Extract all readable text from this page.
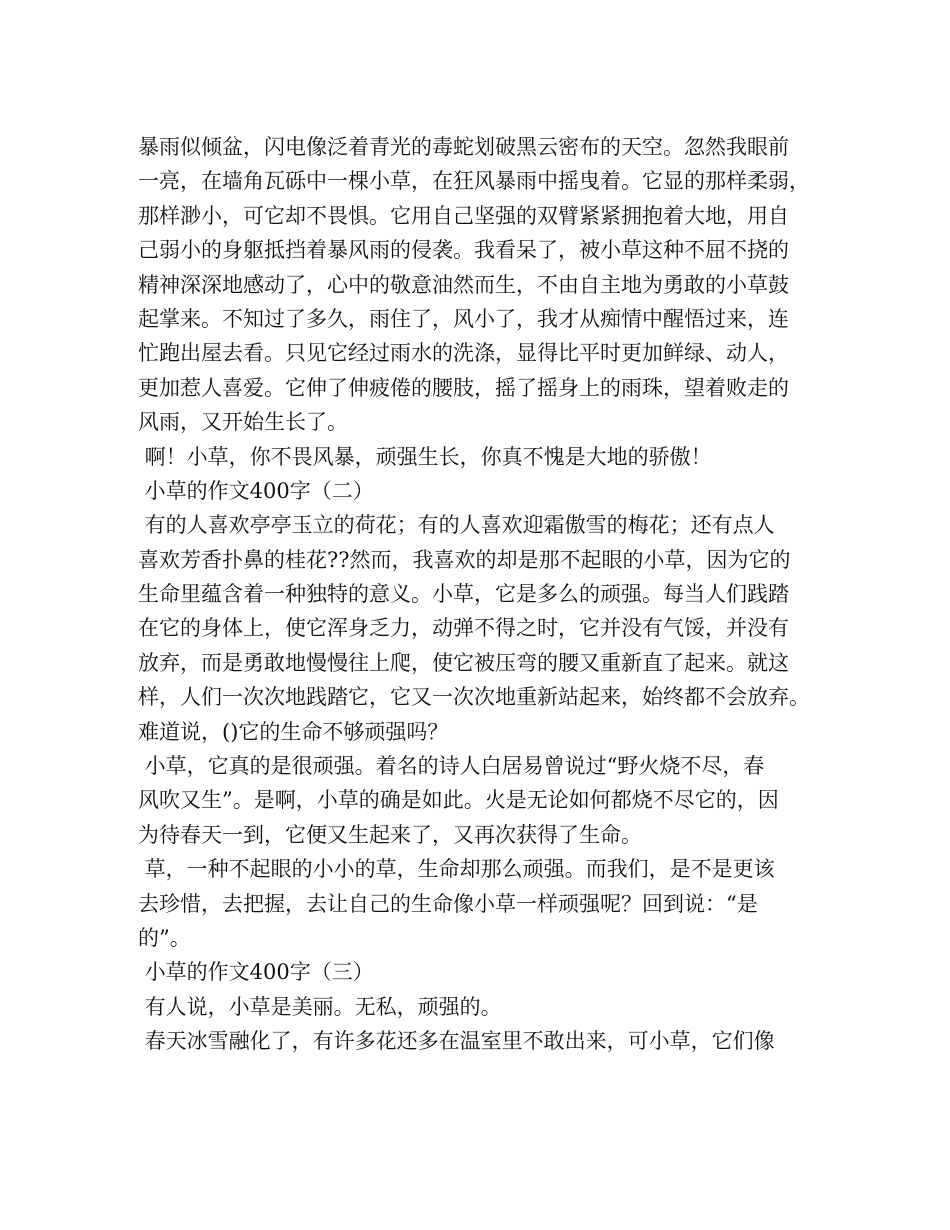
暴雨似倾盆，闪电像泛着青光的毒蛇划破黑云密布的天空。忽然我眼前
一亮，在墙角瓦砾中一棵小草，在狂风暴雨中摇曳着。它显的那样柔弱，
那样渺小，可它却不畏惧。它用自己坚强的双臂紧紧拥抱着大地，用自
己弱小的身躯抵挡着暴风雨的侵袭。我看呆了，被小草这种不屈不挠的
精神深深地感动了，心中的敬意油然而生，不由自主地为勇敢的小草鼓
起掌来。不知过了多久，雨住了，风小了，我才从痴情中醒悟过来，连
忙跑出屋去看。只见它经过雨水的洗涤，显得比平时更加鲜绿、动人，
更加惹人喜爱。它伸了伸疲倦的腰肢，摇了摇身上的雨珠，望着败走的
风雨，又开始生长了。
啊！小草，你不畏风暴，顽强生长，你真不愧是大地的骄傲！
小草的作文400字（二）
有的人喜欢亭亭玉立的荷花；有的人喜欢迎霜傲雪的梅花；还有点人
喜欢芳香扑鼻的桂花??然而，我喜欢的却是那不起眼的小草，因为它的
生命里蕴含着一种独特的意义。小草，它是多么的顽强。每当人们践踏
在它的身体上，使它浑身乏力，动弹不得之时，它并没有气馁，并没有
放弃，而是勇敢地慢慢往上爬，使它被压弯的腰又重新直了起来。就这
样，人们一次次地践踏它，它又一次次地重新站起来，始终都不会放弃。
难道说，()它的生命不够顽强吗？
小草，它真的是很顽强。着名的诗人白居易曾说过“野火烧不尽，春
风吹又生”。是啊，小草的确是如此。火是无论如何都烧不尽它的，因
为待春天一到，它便又生起来了，又再次获得了生命。
草，一种不起眼的小小的草，生命却那么顽强。而我们，是不是更该
去珍惜，去把握，去让自己的生命像小草一样顽强呢？回到说：“是
的”。
小草的作文400字（三）
有人说，小草是美丽。无私，顽强的。
春天冰雪融化了，有许多花还多在温室里不敢出来，可小草，它们像
